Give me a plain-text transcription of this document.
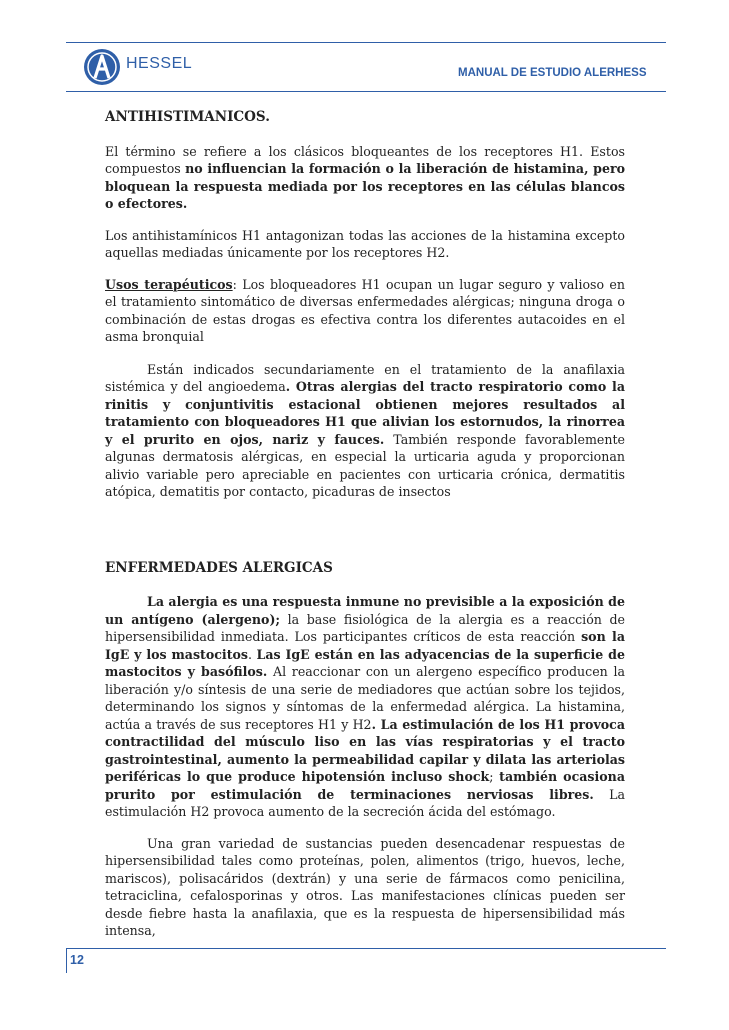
HESSEL
MANUAL DE ESTUDIO ALERHESS
ANTIHISTIMANICOS.

El término se refiere a los clásicos bloqueantes de los receptores H1. Estos compuestos no influencian la formación o la liberación de histamina, pero bloquean la respuesta mediada por los receptores en las células blancos o efectores.

Los antihistamínicos H1 antagonizan todas las acciones de la histamina excepto aquellas mediadas únicamente por los receptores H2.

Usos terapéuticos: Los bloqueadores H1 ocupan un lugar seguro y valioso en el tratamiento sintomático de diversas enfermedades alérgicas; ninguna droga o combinación de estas drogas es efectiva contra los diferentes autacoides en el asma bronquial

Están indicados secundariamente en el tratamiento de la anafilaxia sistémica y del angioedema. Otras alergias del tracto respiratorio como la rinitis y conjuntivitis estacional obtienen mejores resultados al tratamiento con bloqueadores H1 que alivian los estornudos, la rinorrea y el prurito en ojos, nariz y fauces. También responde favorablemente algunas dermatosis alérgicas, en especial la urticaria aguda y proporcionan alivio variable pero apreciable en pacientes con urticaria crónica, dermatitis atópica, dematitis por contacto, picaduras de insectos

ENFERMEDADES ALERGICAS

La alergia es una respuesta inmune no previsible a la exposición de un antígeno (alergeno); la base fisiológica de la alergia es a reacción de hipersensibilidad inmediata. Los participantes críticos de esta reacción son la IgE y los mastocitos. Las IgE están en las adyacencias de la superficie de mastocitos y basófilos. Al reaccionar con un alergeno específico producen la liberación y/o síntesis de una serie de mediadores que actúan sobre los tejidos, determinando los signos y síntomas de la enfermedad alérgica. La histamina, actúa a través de sus receptores H1 y H2. La estimulación de los H1 provoca contractilidad del músculo liso en las vías respiratorias y el tracto gastrointestinal, aumento la permeabilidad capilar y dilata las arteriolas periféricas lo que produce hipotensión incluso shock; también ocasiona prurito por estimulación de terminaciones nerviosas libres. La estimulación H2 provoca aumento de la secreción ácida del estómago.

Una gran variedad de sustancias pueden desencadenar respuestas de hipersensibilidad tales como proteínas, polen, alimentos (trigo, huevos, leche, mariscos), polisacáridos (dextrán) y una serie de fármacos como penicilina, tetraciclina, cefalosporinas y otros. Las manifestaciones clínicas pueden ser desde fiebre hasta la anafilaxia, que es la respuesta de hipersensibilidad más intensa,

12
